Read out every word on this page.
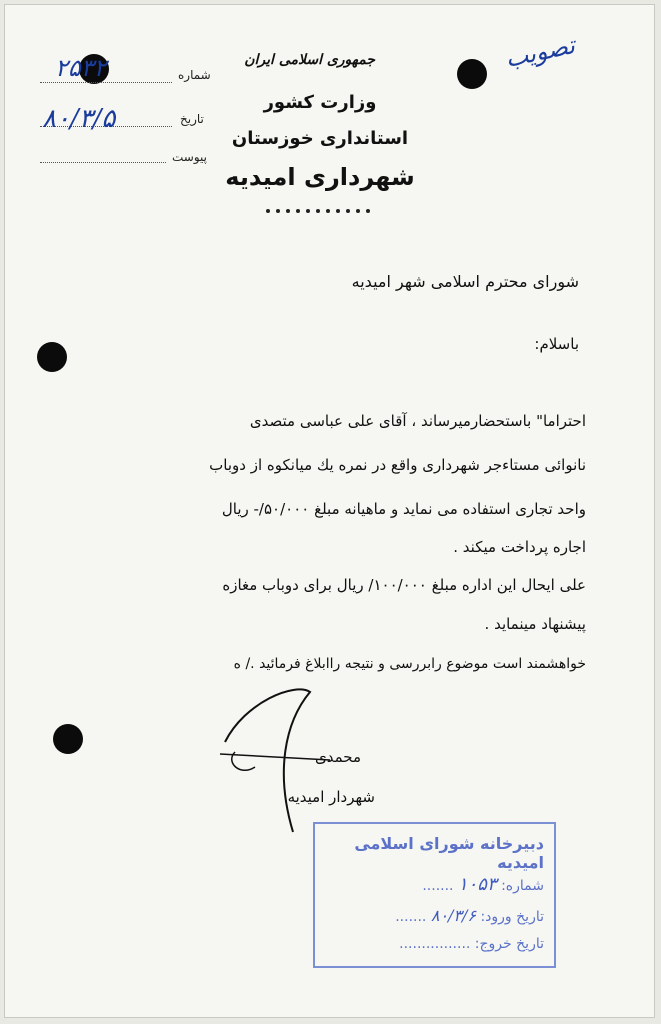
جمهوری اسلامی ایران
وزارت کشور
استانداری خوزستان
شهرداری امیدیه
شماره
۲۵۳۲
تاریخ
۸۰/۳/۵
پیوست
تصویب
شورای محترم اسلامی شهر امیدیه
باسلام:
احتراما" باستحضارمیرساند ، آقای علی عباسی متصدی
نانوائی مستاءجر شهرداری واقع در نمره یك میانكوه از دوباب
واحد تجاری استفاده می نماید و ماهیانه مبلغ ۵۰/۰۰۰/- ریال
اجاره پرداخت میكند .
علی ایحال این اداره مبلغ ۱۰۰/۰۰۰/ ریال برای دوباب مغازه
پیشنهاد مینماید .
خواهشمند است موضوع رابررسی و نتیجه راابلاغ فرمائید ./ ه
محمدی
شهردار امیدیه
دبیرخانه شورای اسلامی امیدیه
شماره: ۱۰۵۳ .......
تاریخ ورود: ۸۰/۳/۶ .......
تاریخ خروج: ................
